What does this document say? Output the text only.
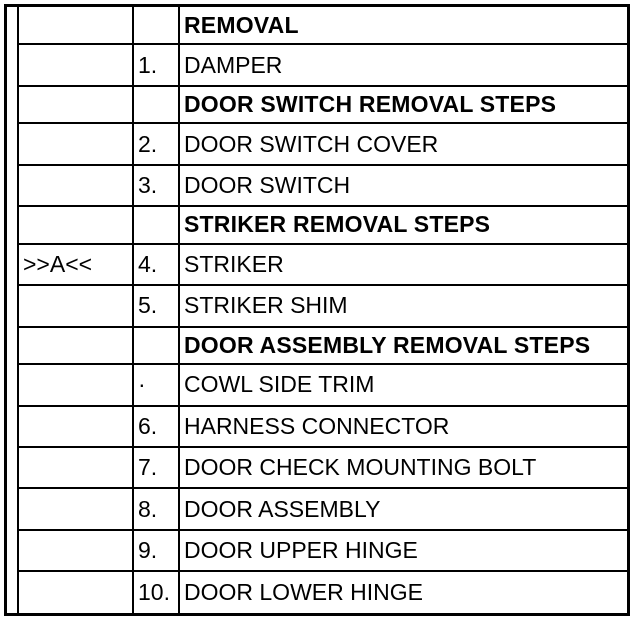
		REMOVAL
	1.	DAMPER
		DOOR SWITCH REMOVAL STEPS
	2.	DOOR SWITCH COVER
	3.	DOOR SWITCH
		STRIKER REMOVAL STEPS
>>A<<	4.	STRIKER
	5.	STRIKER SHIM
		DOOR ASSEMBLY REMOVAL STEPS
	·	COWL SIDE TRIM
	6.	HARNESS CONNECTOR
	7.	DOOR CHECK MOUNTING BOLT
	8.	DOOR ASSEMBLY
	9.	DOOR UPPER HINGE
	10.	DOOR LOWER HINGE
